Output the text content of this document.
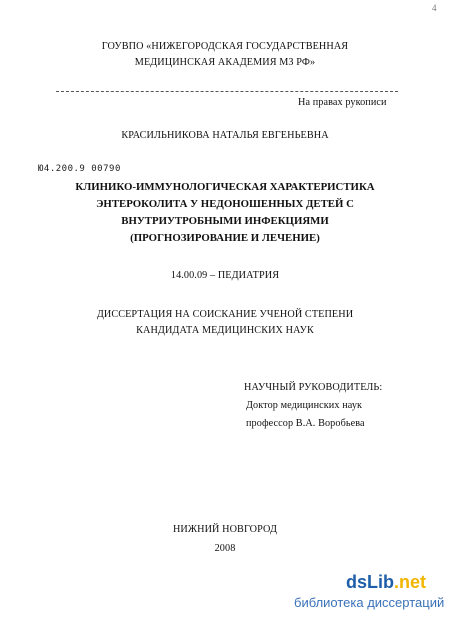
4
ГОУВПО «НИЖЕГОРОДСКАЯ ГОСУДАРСТВЕННАЯ
МЕДИЦИНСКАЯ АКАДЕМИЯ МЗ РФ»
На правах рукописи
КРАСИЛЬНИКОВА НАТАЛЬЯ ЕВГЕНЬЕВНА
Ю4.200.9 00790
КЛИНИКО-ИММУНОЛОГИЧЕСКАЯ ХАРАКТЕРИСТИКА
ЭНТЕРОКОЛИТА У НЕДОНОШЕННЫХ ДЕТЕЙ С
ВНУТРИУТРОБНЫМИ ИНФЕКЦИЯМИ
(ПРОГНОЗИРОВАНИЕ И ЛЕЧЕНИЕ)
14.00.09 – ПЕДИАТРИЯ
ДИССЕРТАЦИЯ НА СОИСКАНИЕ УЧЕНОЙ СТЕПЕНИ
КАНДИДАТА МЕДИЦИНСКИХ НАУК
НАУЧНЫЙ РУКОВОДИТЕЛЬ:
Доктор медицинских наук
профессор В.А. Воробьева
НИЖНИЙ НОВГОРОД
2008
dsLib.net
библиотека диссертаций
